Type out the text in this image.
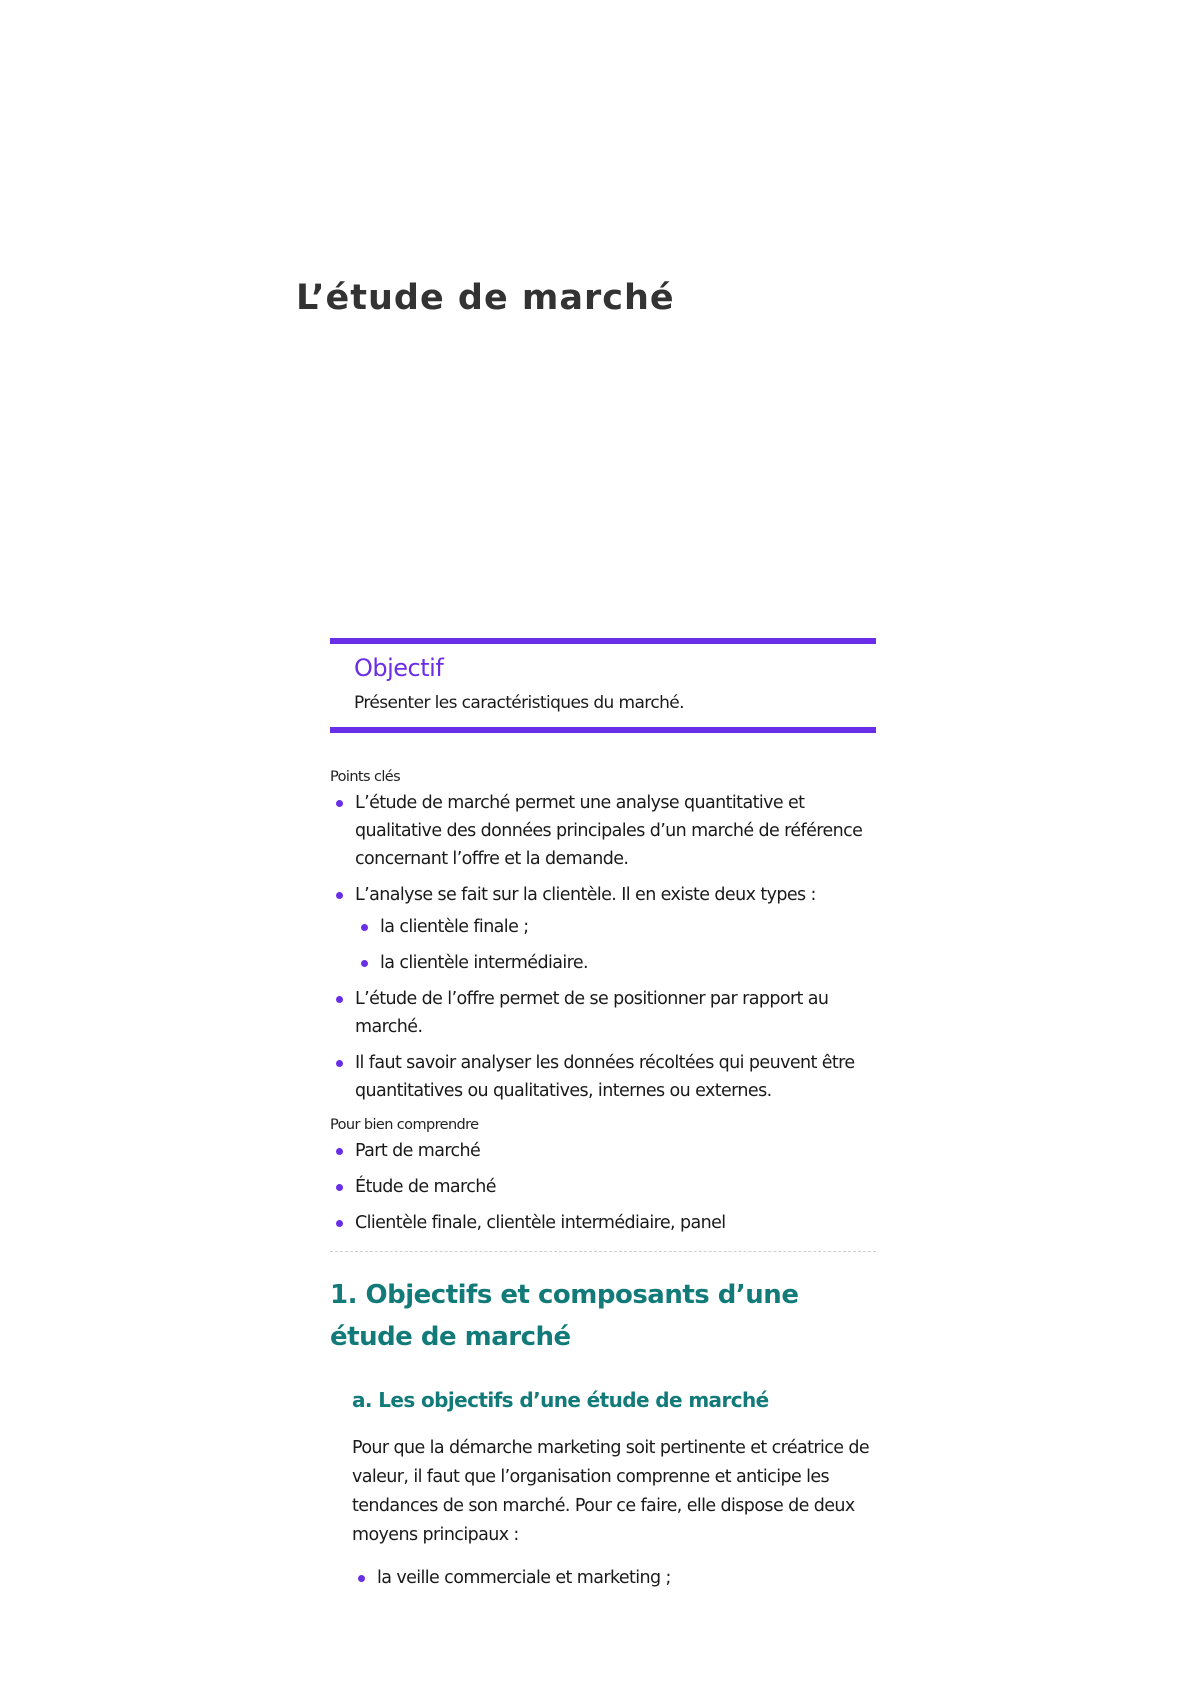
L’étude de marché
Objectif

Présenter les caractéristiques du marché.

Points clés
L’étude de marché permet une analyse quantitative et qualitative des données principales d’un marché de référence concernant l’offre et la demande.
L’analyse se fait sur la clientèle. Il en existe deux types :
la clientèle finale ;
la clientèle intermédiaire.
L’étude de l’offre permet de se positionner par rapport au marché.
Il faut savoir analyser les données récoltées qui peuvent être quantitatives ou qualitatives, internes ou externes.
Pour bien comprendre
Part de marché
Étude de marché
Clientèle finale, clientèle intermédiaire, panel
1. Objectifs et composants d’une étude de marché
a. Les objectifs d’une étude de marché

Pour que la démarche marketing soit pertinente et créatrice de valeur, il faut que l’organisation comprenne et anticipe les tendances de son marché. Pour ce faire, elle dispose de deux moyens principaux :

la veille commerciale et marketing ;
